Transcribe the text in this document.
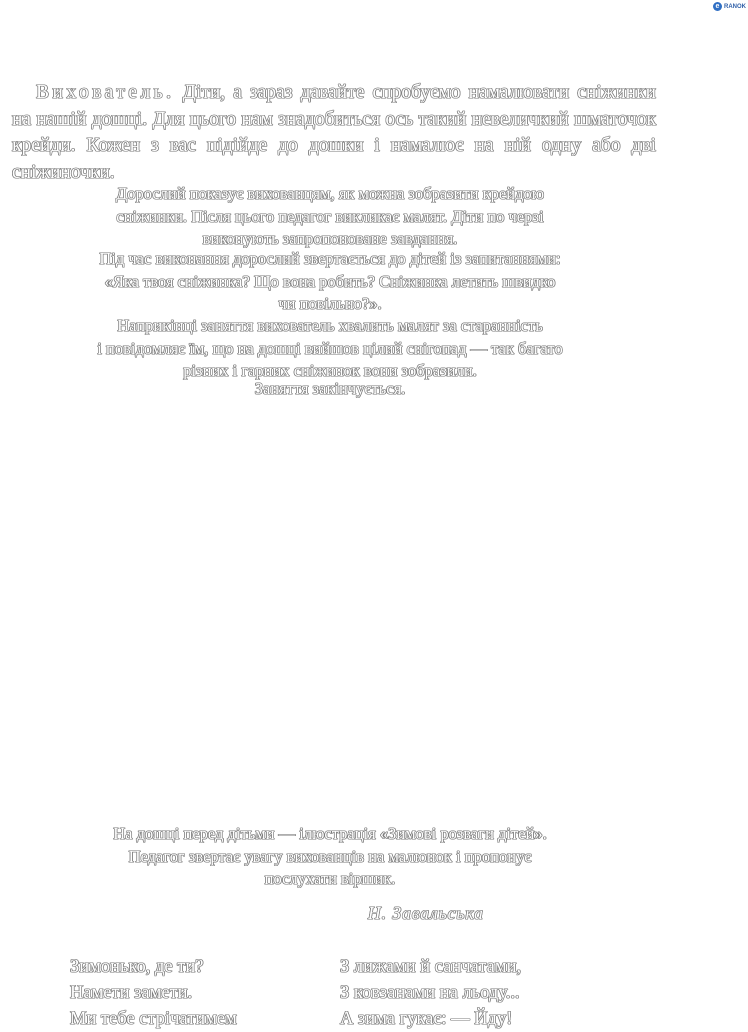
e RANOK

Вихователь. Діти, а зараз давайте спробуємо намалювати сніжинки на нашій дошці. Для цього нам знадобиться ось такий невеличкий шматочок крейди. Кожен з вас підійде до дошки і намалює на ній одну або дві сніжиночки.

Дорослий показує вихованцям, як можна зобразити крейдою
сніжинки. Після цього педагог викликає малят. Діти по черзі
виконують запропоноване завдання.

Під час виконання дорослий звертається до дітей із запитаннями:
«Яка твоя сніжинка? Що вона робить? Сніжинка летить швидко
чи повільно?».

Наприкінці заняття вихователь хвалить малят за старанність
і повідомляє їм, що на дошці вийшов цілий снігопад — так багато
різних і гарних сніжинок вони зобразили.

Заняття закінчується.

На дошці перед дітьми — ілюстрація «Зимові розваги дітей».
Педагог звертає увагу вихованців на малюнок і пропонує
послухати віршик.

Н. Завальська

Зимонько, де ти?
Намети замети.
Ми тебе стрічатимем

З лижами й санчатами,
З ковзанами на льоду...
А зима гукає: — Йду!
